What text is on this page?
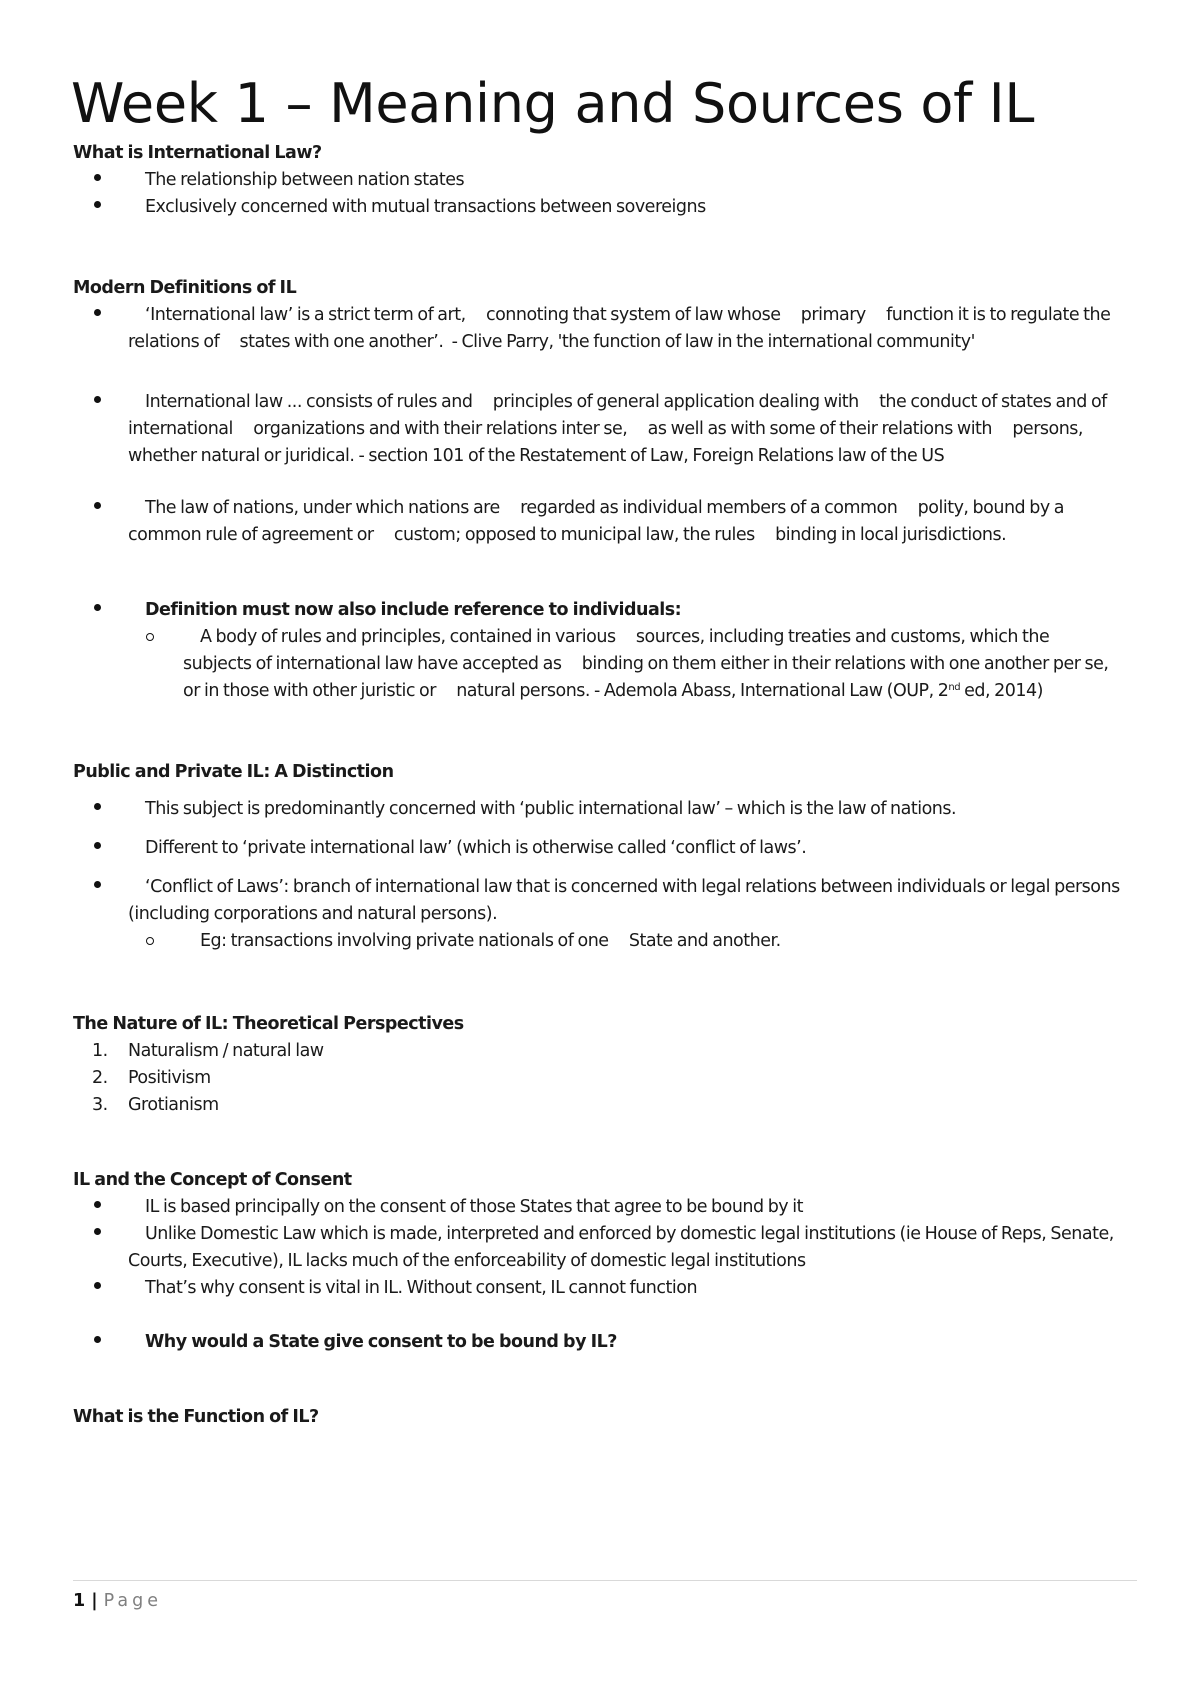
Week 1 – Meaning and Sources of IL

What is International Law?

The relationship between nation states
Exclusively concerned with mutual transactions between sovereigns

Modern Definitions of IL

‘International law’ is a strict term of art,     connoting that system of law whose     primary     function it is to regulate the     relations of     states with one another’.  - Clive Parry, 'the function of law in the international community'
International law ... consists of rules and     principles of general application dealing with     the conduct of states and of international     organizations and with their relations inter se,     as well as with some of their relations with     persons, whether natural or juridical. - section 101 of the Restatement of Law, Foreign Relations law of the US
The law of nations, under which nations are     regarded as individual members of a common     polity, bound by a common rule of agreement or     custom; opposed to municipal law, the rules     binding in local jurisdictions.
Definition must now also include reference to individuals:
A body of rules and principles, contained in various     sources, including treaties and customs, which the     subjects of international law have accepted as     binding on them either in their relations with one another per se, or in those with other juristic or     natural persons. - Ademola Abass, International Law (OUP, 2nd ed, 2014)

Public and Private IL: A Distinction

This subject is predominantly concerned with ‘public international law’ – which is the law of nations.
Different to ‘private international law’ (which is otherwise called ‘conflict of laws’.
‘Conflict of Laws’: branch of international law that is concerned with legal relations between individuals or legal persons (including corporations and natural persons).
Eg: transactions involving private nationals of one     State and another.

The Nature of IL: Theoretical Perspectives

1. Naturalism / natural law
2. Positivism
3. Grotianism

IL and the Concept of Consent

IL is based principally on the consent of those States that agree to be bound by it
Unlike Domestic Law which is made, interpreted and enforced by domestic legal institutions (ie House of Reps, Senate, Courts, Executive), IL lacks much of the enforceability of domestic legal institutions
That’s why consent is vital in IL. Without consent, IL cannot function
Why would a State give consent to be bound by IL?

What is the Function of IL?

1 | Page
